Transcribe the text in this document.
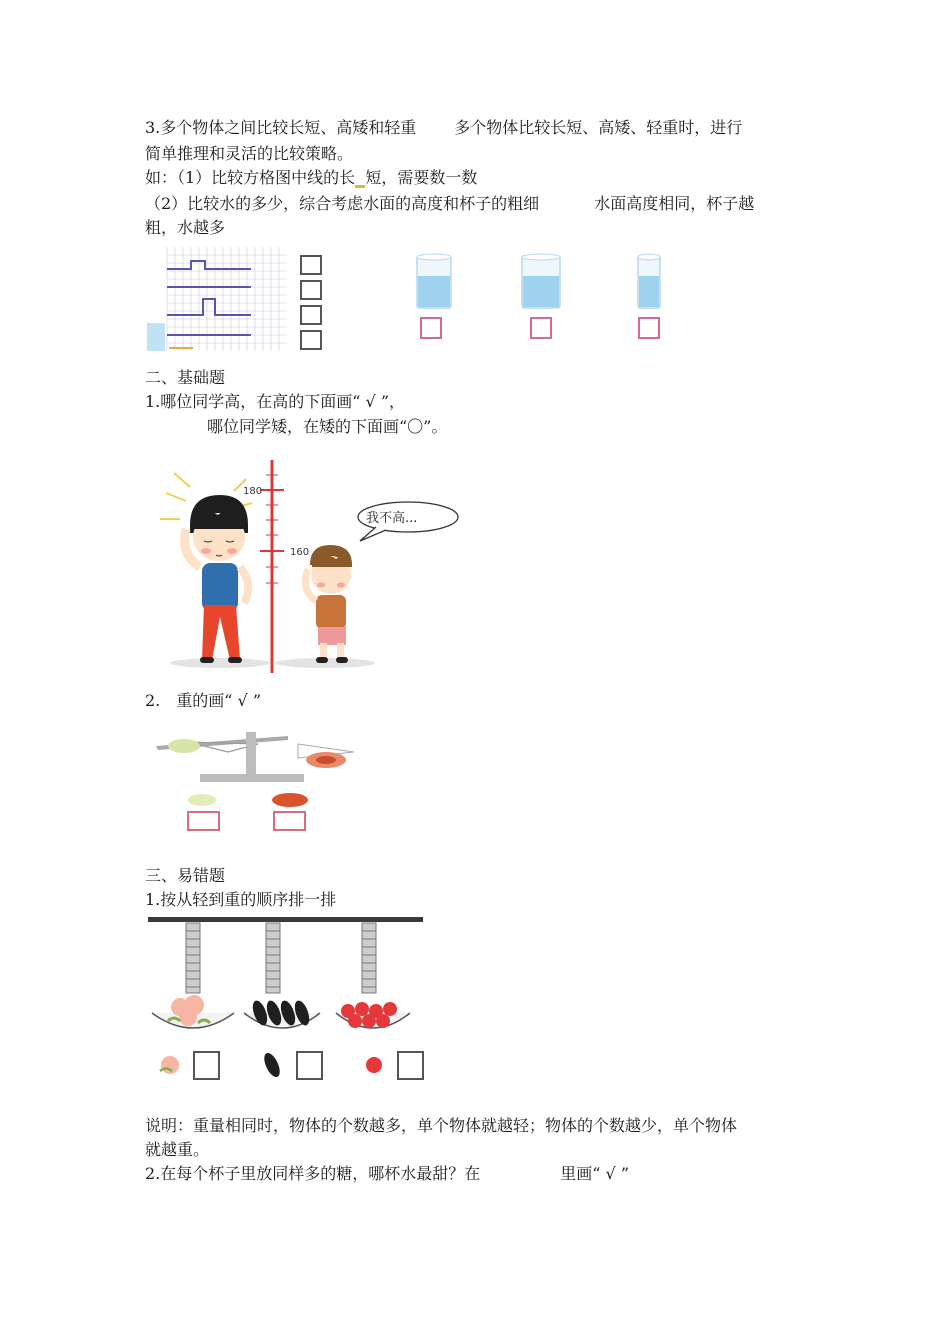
3.多个物体之间比较长短、高矮和轻重 多个物体比较长短、高矮、轻重时，进行
简单推理和灵活的比较策略。
如：（1）比较方格图中线的长​  短，需要数一数
（2）比较水的多少，综合考虑水面的高度和杯子的粗细	水面高度相同，杯子越
粗，水越多
二、基础题
1.哪位同学高，在高的下面画“ √ ”，
哪位同学矮，在矮的下面画“〇”。
180
160
我不高...
2.　重的画“ √ ”
三、易错题
1.按从轻到重的顺序排一排
说明：重量相同时，物体的个数越多，单个物体就越轻；物体的个数越少，单个物体
就越重。
2.在每个杯子里放同样多的糖，哪杯水最甜？在	里画“ √ ”
